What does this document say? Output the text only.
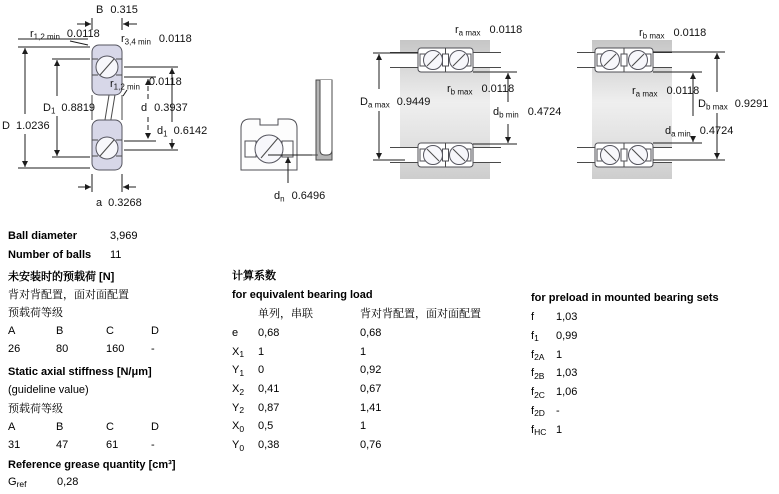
B 0.315
$r_{1,2 min}$ 0.0118 $r_{3,4 min}$ 0.0118
D 1.0236
$D_1$ 0.8819
$r_{1,2 min}$ 0.0118
d 0.3937
$d_1$ 0.6142
a 0.3268
$d_n$ 0.6496
$r_{a max}$ 0.0118
$r_{b max}$ 0.0118
$D_{a max}$ 0.9449
$d_{b min}$ 0.4724
$r_{b max}$ 0.0118
$r_{a max}$ 0.0118
$D_{b max}$ 0.9291
$d_{a min}$ 0.4724
Ball diameter	3,969
Number of balls	11
未安装时的预载荷 [N]
背对背配置，面对面配置
预载荷等级
A	B	C	D
26	80	160	-
Static axial stiffness [N/μm]
(guideline value)
预载荷等级
A	B	C	D
31	47	61	-
Reference grease quantity [cm³]
$G_{ref}$	0,28
计算系数
for equivalent bearing load
单列，串联	背对背配置，面对面配置
e	0,68	0,68
$X_1$	1	1
$Y_1$	0	0,92
$X_2$	0,41	0,67
$Y_2$	0,87	1,41
$X_0$	0,5	1
$Y_0$	0,38	0,76
for preload in mounted bearing sets
f	1,03
$f_1$	0,99
$f_{2A}$	1
$f_{2B}$	1,03
$f_{2C}$	1,06
$f_{2D}$	-
$f_{HC}$ 1
